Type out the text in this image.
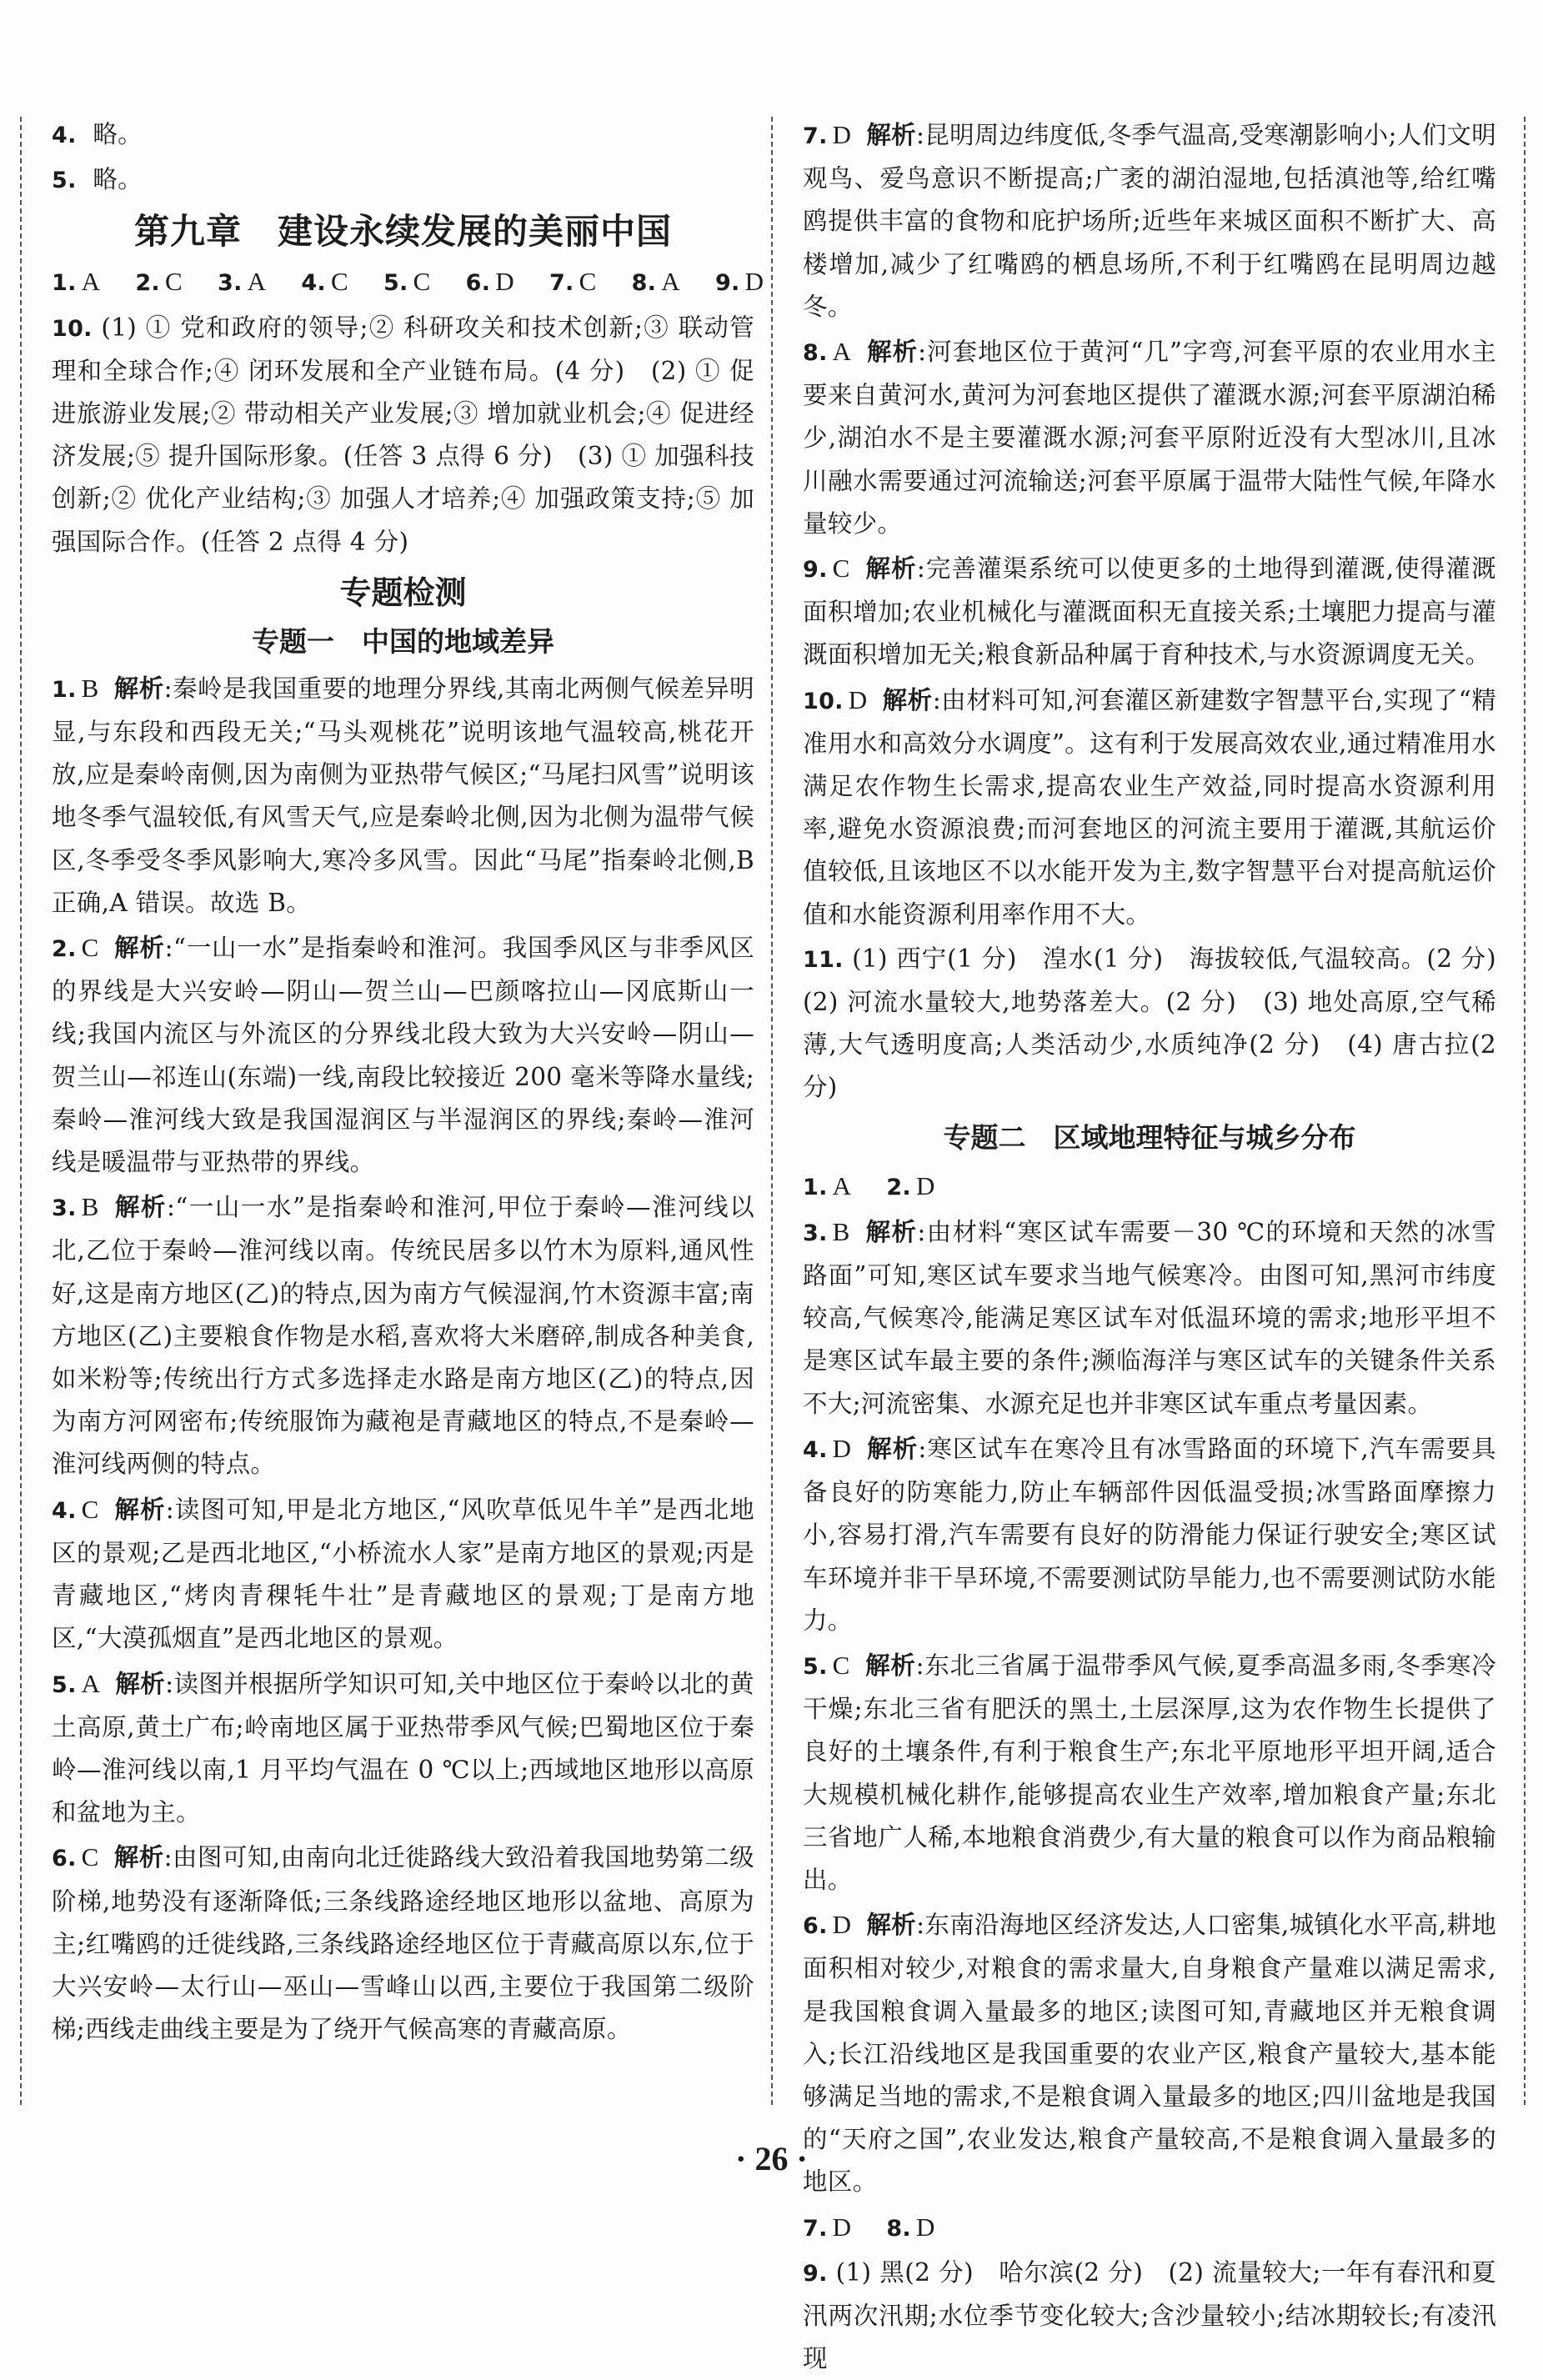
4. 略。

5. 略。

第九章　建设永续发展的美丽中国

1. A 2. C 3. A 4. C 5. C 6. D 7. C 8. A 9. D

10. (1) ① 党和政府的领导;② 科研攻关和技术创新;③ 联动管理和全球合作;④ 闭环发展和全产业链布局。(4 分)　(2) ① 促进旅游业发展;② 带动相关产业发展;③ 增加就业机会;④ 促进经济发展;⑤ 提升国际形象。(任答 3 点得 6 分)　(3) ① 加强科技创新;② 优化产业结构;③ 加强人才培养;④ 加强政策支持;⑤ 加强国际合作。(任答 2 点得 4 分)

专题检测
专题一　中国的地域差异

1. B 解析:秦岭是我国重要的地理分界线,其南北两侧气候差异明显,与东段和西段无关;“马头观桃花”说明该地气温较高,桃花开放,应是秦岭南侧,因为南侧为亚热带气候区;“马尾扫风雪”说明该地冬季气温较低,有风雪天气,应是秦岭北侧,因为北侧为温带气候区,冬季受冬季风影响大,寒冷多风雪。因此“马尾”指秦岭北侧,B 正确,A 错误。故选 B。

2. C 解析:“一山一水”是指秦岭和淮河。我国季风区与非季风区的界线是大兴安岭—阴山—贺兰山—巴颜喀拉山—冈底斯山一线;我国内流区与外流区的分界线北段大致为大兴安岭—阴山—贺兰山—祁连山(东端)一线,南段比较接近 200 毫米等降水量线;秦岭—淮河线大致是我国湿润区与半湿润区的界线;秦岭—淮河线是暖温带与亚热带的界线。

3. B 解析:“一山一水”是指秦岭和淮河,甲位于秦岭—淮河线以北,乙位于秦岭—淮河线以南。传统民居多以竹木为原料,通风性好,这是南方地区(乙)的特点,因为南方气候湿润,竹木资源丰富;南方地区(乙)主要粮食作物是水稻,喜欢将大米磨碎,制成各种美食,如米粉等;传统出行方式多选择走水路是南方地区(乙)的特点,因为南方河网密布;传统服饰为藏袍是青藏地区的特点,不是秦岭—淮河线两侧的特点。

4. C 解析:读图可知,甲是北方地区,“风吹草低见牛羊”是西北地区的景观;乙是西北地区,“小桥流水人家”是南方地区的景观;丙是青藏地区,“烤肉青稞牦牛壮”是青藏地区的景观;丁是南方地区,“大漠孤烟直”是西北地区的景观。

5. A 解析:读图并根据所学知识可知,关中地区位于秦岭以北的黄土高原,黄土广布;岭南地区属于亚热带季风气候;巴蜀地区位于秦岭—淮河线以南,1 月平均气温在 0 ℃以上;西域地区地形以高原和盆地为主。

6. C 解析:由图可知,由南向北迁徙路线大致沿着我国地势第二级阶梯,地势没有逐渐降低;三条线路途经地区地形以盆地、高原为主;红嘴鸥的迁徙线路,三条线路途经地区位于青藏高原以东,位于大兴安岭—太行山—巫山—雪峰山以西,主要位于我国第二级阶梯;西线走曲线主要是为了绕开气候高寒的青藏高原。

7. D 解析:昆明周边纬度低,冬季气温高,受寒潮影响小;人们文明观鸟、爱鸟意识不断提高;广袤的湖泊湿地,包括滇池等,给红嘴鸥提供丰富的食物和庇护场所;近些年来城区面积不断扩大、高楼增加,减少了红嘴鸥的栖息场所,不利于红嘴鸥在昆明周边越冬。

8. A 解析:河套地区位于黄河“几”字弯,河套平原的农业用水主要来自黄河水,黄河为河套地区提供了灌溉水源;河套平原湖泊稀少,湖泊水不是主要灌溉水源;河套平原附近没有大型冰川,且冰川融水需要通过河流输送;河套平原属于温带大陆性气候,年降水量较少。

9. C 解析:完善灌渠系统可以使更多的土地得到灌溉,使得灌溉面积增加;农业机械化与灌溉面积无直接关系;土壤肥力提高与灌溉面积增加无关;粮食新品种属于育种技术,与水资源调度无关。

10. D 解析:由材料可知,河套灌区新建数字智慧平台,实现了“精准用水和高效分水调度”。这有利于发展高效农业,通过精准用水满足农作物生长需求,提高农业生产效益,同时提高水资源利用率,避免水资源浪费;而河套地区的河流主要用于灌溉,其航运价值较低,且该地区不以水能开发为主,数字智慧平台对提高航运价值和水能资源利用率作用不大。

11. (1) 西宁(1 分)　湟水(1 分)　海拔较低,气温较高。(2 分)　(2) 河流水量较大,地势落差大。(2 分)　(3) 地处高原,空气稀薄,大气透明度高;人类活动少,水质纯净(2 分)　(4) 唐古拉(2 分)

专题二　区域地理特征与城乡分布

1. A 2. D

3. B 解析:由材料“寒区试车需要－30 ℃的环境和天然的冰雪路面”可知,寒区试车要求当地气候寒冷。由图可知,黑河市纬度较高,气候寒冷,能满足寒区试车对低温环境的需求;地形平坦不是寒区试车最主要的条件;濒临海洋与寒区试车的关键条件关系不大;河流密集、水源充足也并非寒区试车重点考量因素。

4. D 解析:寒区试车在寒冷且有冰雪路面的环境下,汽车需要具备良好的防寒能力,防止车辆部件因低温受损;冰雪路面摩擦力小,容易打滑,汽车需要有良好的防滑能力保证行驶安全;寒区试车环境并非干旱环境,不需要测试防旱能力,也不需要测试防水能力。

5. C 解析:东北三省属于温带季风气候,夏季高温多雨,冬季寒冷干燥;东北三省有肥沃的黑土,土层深厚,这为农作物生长提供了良好的土壤条件,有利于粮食生产;东北平原地形平坦开阔,适合大规模机械化耕作,能够提高农业生产效率,增加粮食产量;东北三省地广人稀,本地粮食消费少,有大量的粮食可以作为商品粮输出。

6. D 解析:东南沿海地区经济发达,人口密集,城镇化水平高,耕地面积相对较少,对粮食的需求量大,自身粮食产量难以满足需求,是我国粮食调入量最多的地区;读图可知,青藏地区并无粮食调入;长江沿线地区是我国重要的农业产区,粮食产量较大,基本能够满足当地的需求,不是粮食调入量最多的地区;四川盆地是我国的“天府之国”,农业发达,粮食产量较高,不是粮食调入量最多的地区。

7. D 8. D

9. (1) 黑(2 分)　哈尔滨(2 分)　(2) 流量较大;一年有春汛和夏汛两次汛期;水位季节变化较大;含沙量较小;结冰期较长;有凌汛现

· 26 ·
